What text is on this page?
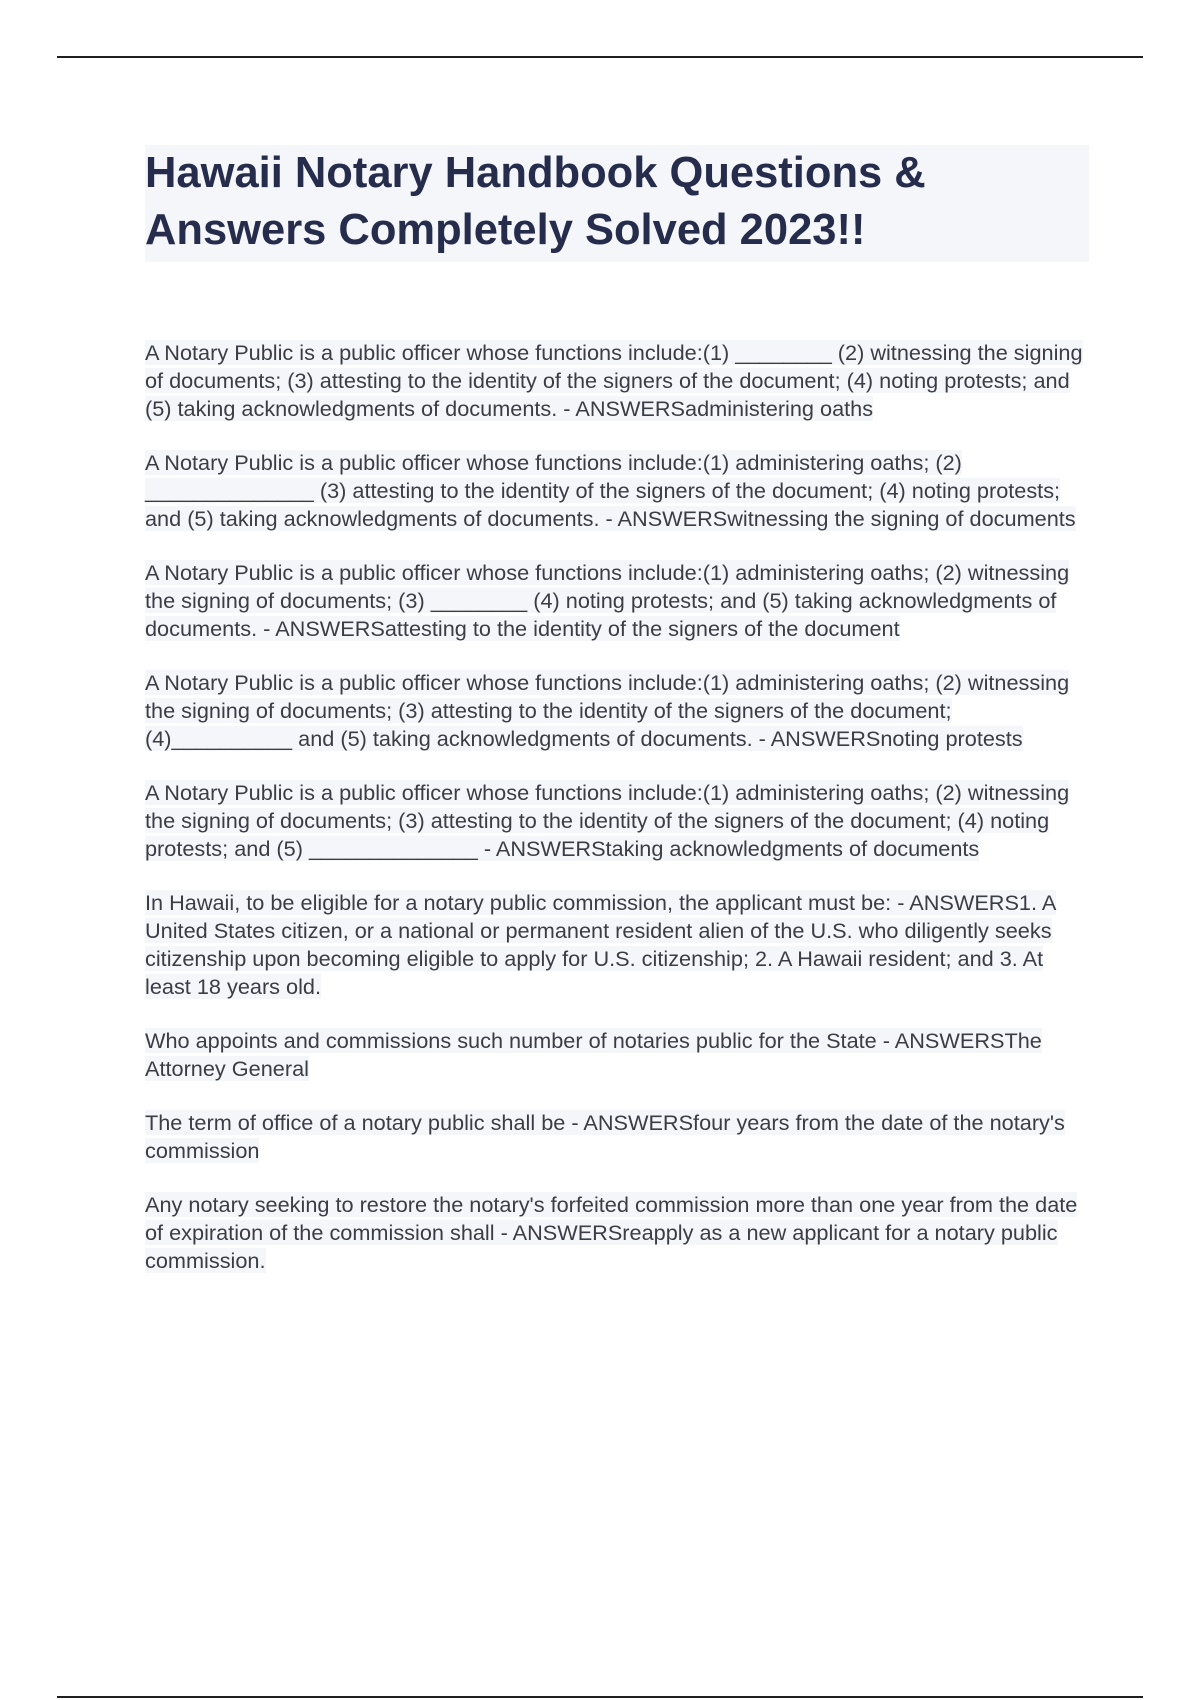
Hawaii Notary Handbook Questions & Answers Completely Solved 2023!!

A Notary Public is a public officer whose functions include:(1) ________ (2) witnessing the signing of documents; (3) attesting to the identity of the signers of the document; (4) noting protests; and (5) taking acknowledgments of documents. - ANSWERSadministering oaths

A Notary Public is a public officer whose functions include:(1) administering oaths; (2) ______________ (3) attesting to the identity of the signers of the document; (4) noting protests; and (5) taking acknowledgments of documents. - ANSWERSwitnessing the signing of documents

A Notary Public is a public officer whose functions include:(1) administering oaths; (2) witnessing the signing of documents; (3) ________ (4) noting protests; and (5) taking acknowledgments of documents. - ANSWERSattesting to the identity of the signers of the document

A Notary Public is a public officer whose functions include:(1) administering oaths; (2) witnessing the signing of documents; (3) attesting to the identity of the signers of the document; (4)__________ and (5) taking acknowledgments of documents. - ANSWERSnoting protests

A Notary Public is a public officer whose functions include:(1) administering oaths; (2) witnessing the signing of documents; (3) attesting to the identity of the signers of the document; (4) noting protests; and (5) ______________ - ANSWERStaking acknowledgments of documents

In Hawaii, to be eligible for a notary public commission, the applicant must be: - ANSWERS1. A United States citizen, or a national or permanent resident alien of the U.S. who diligently seeks citizenship upon becoming eligible to apply for U.S. citizenship; 2. A Hawaii resident; and 3. At least 18 years old.

Who appoints and commissions such number of notaries public for the State - ANSWERSThe Attorney General

The term of office of a notary public shall be - ANSWERSfour years from the date of the notary's commission

Any notary seeking to restore the notary's forfeited commission more than one year from the date of expiration of the commission shall - ANSWERSreapply as a new applicant for a notary public commission.
